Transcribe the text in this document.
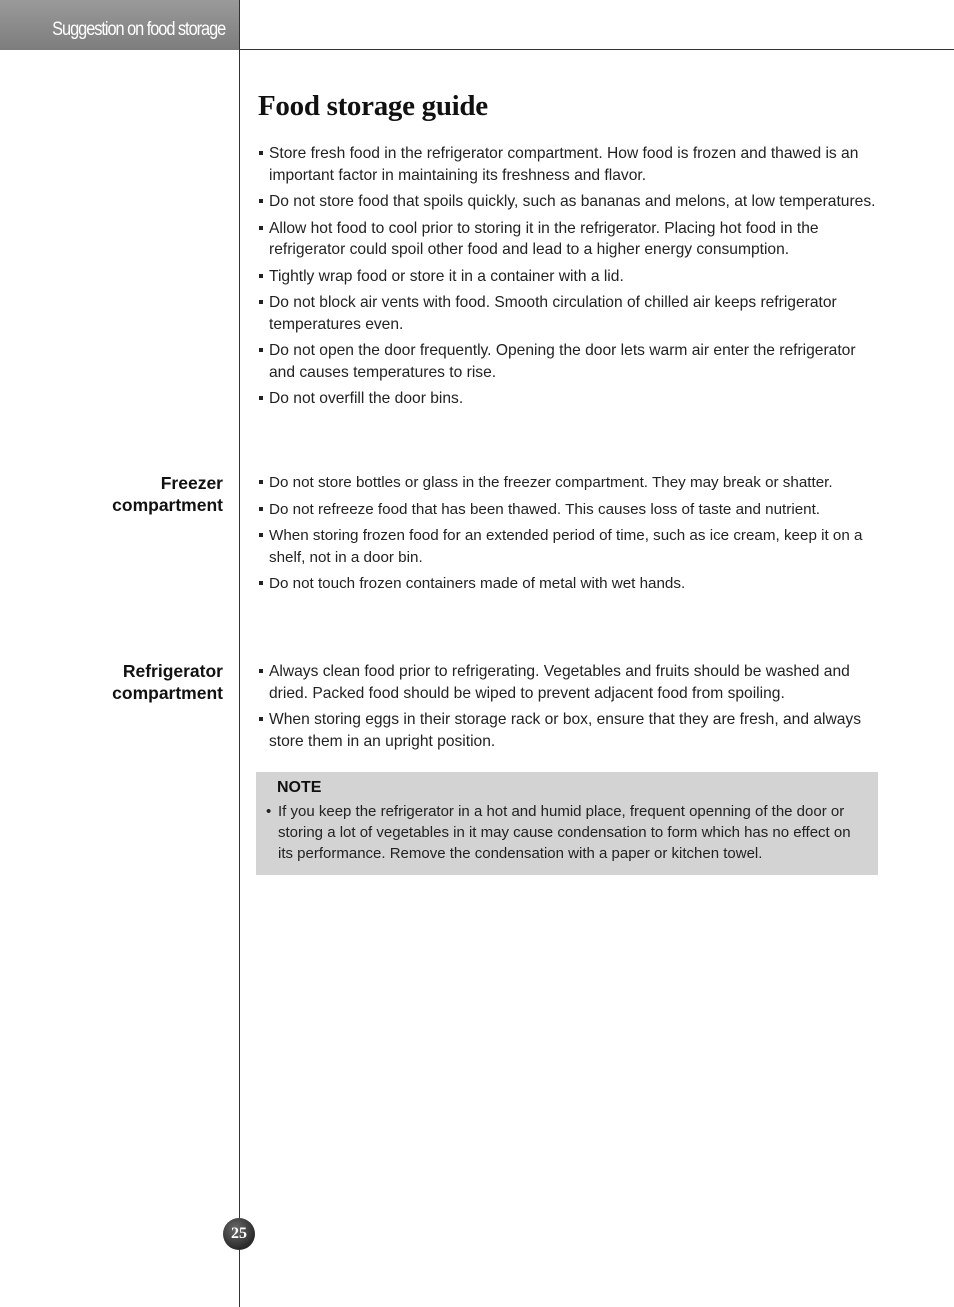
Suggestion on food storage
Food storage guide
Store fresh food in the refrigerator compartment. How food is frozen and thawed is an important factor in maintaining its freshness and flavor.
Do not store food that spoils quickly, such as bananas and melons, at low temperatures.
Allow hot food to cool prior to storing it in the refrigerator. Placing hot food in the refrigerator could spoil other food and lead to a higher energy consumption.
Tightly wrap food or store it in a container with a lid.
Do not block air vents with food. Smooth circulation of chilled air keeps refrigerator temperatures even.
Do not open the door frequently. Opening the door lets warm air enter the refrigerator and causes temperatures to rise.
Do not overfill the door bins.
Freezer
compartment
Do not store bottles or glass in the freezer compartment. They may break or shatter.
Do not refreeze food that has been thawed. This causes loss of taste and nutrient.
When storing frozen food for an extended period of time, such as ice cream, keep it on a shelf, not in a door bin.
Do not touch frozen containers made of metal with wet hands.
Refrigerator
compartment
Always clean food prior to refrigerating. Vegetables and fruits should be washed and dried. Packed food should be wiped to prevent adjacent food from spoiling.
When storing eggs in their storage rack or box, ensure that they are fresh, and always store them in an upright position.
NOTE
• If you keep the refrigerator in a hot and humid place, frequent openning of the door or storing a lot of vegetables in it may cause condensation to form which has no effect on its performance. Remove the condensation with a paper or kitchen towel.
25
